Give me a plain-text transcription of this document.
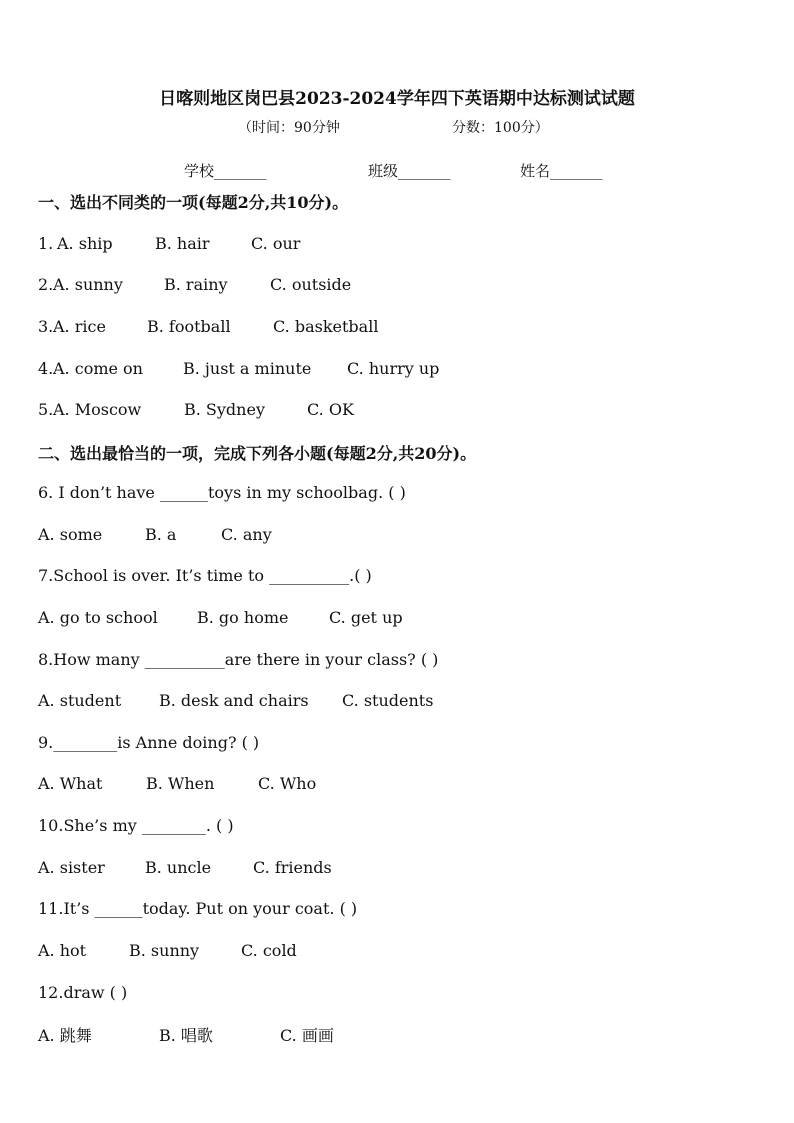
日喀则地区岗巴县2023-2024学年四下英语期中达标测试试题
（时间：90分钟	分数：100分）
学校_______	班级_______	姓名_______
一、选出不同类的一项(每题2分,共10分)。
1. A. ship	B. hair	C. our
2. A. sunny	B. rainy	C. outside
3. A. rice	B. football	C. basketball
4. A. come on	B. just a minute C. hurry up
5. A. Moscow	B. Sydney	C. OK
二、选出最恰当的一项，完成下列各小题(每题2分,共20分)。
6. I don’t have ______toys in my schoolbag. ( )
A. some	B. a	C. any
7.School is over. It’s time to __________.( )
A. go to school B. go home	C. get up
8.How many __________are there in your class? ( )
A. student B. desk and chairs C. students
9.________is Anne doing? ( )
A. What	B. When	C. Who
10.She’s my ________. ( )
A. sister	B. uncle	C. friends
11.It’s ______today. Put on your coat. ( )
A. hot	B. sunny	C. cold
12.draw ( )
A. 跳舞	B. 唱歌	C. 画画
